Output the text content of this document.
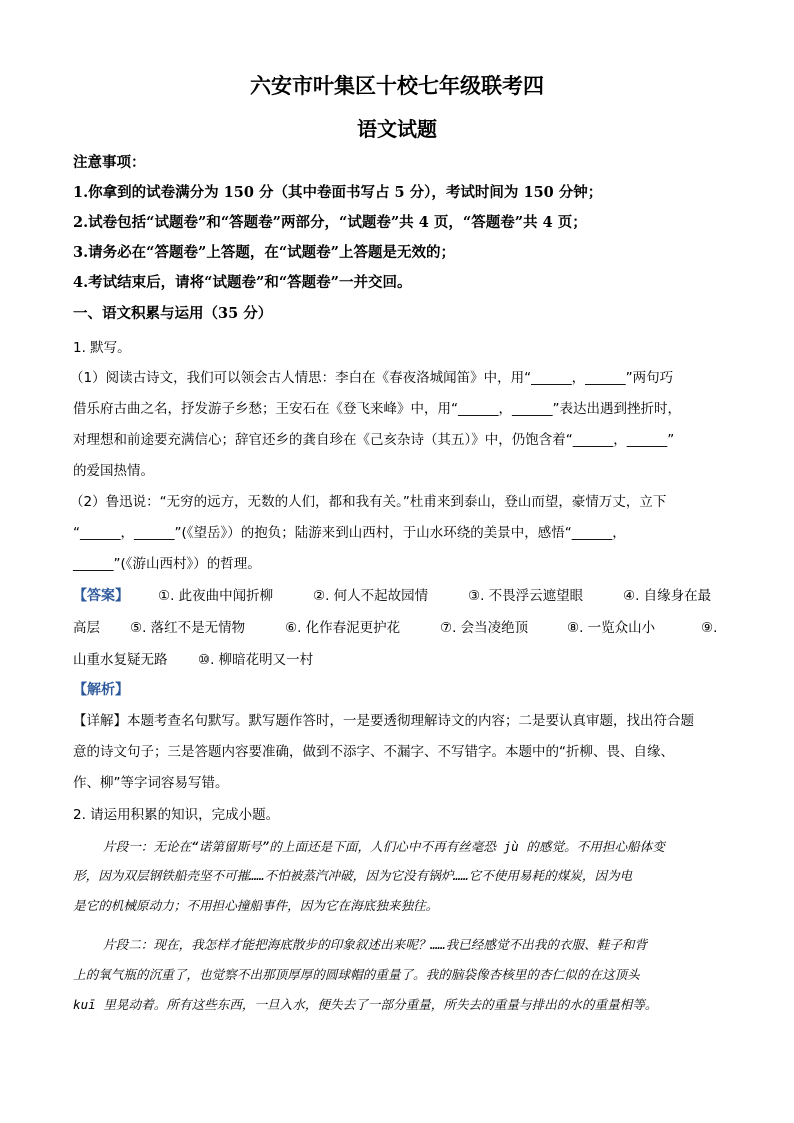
六安市叶集区十校七年级联考四
语文试题
注意事项：
1.你拿到的试卷满分为 150 分（其中卷面书写占 5 分），考试时间为 150 分钟；
2.试卷包括“试题卷”和“答题卷”两部分，“试题卷”共 4 页，“答题卷”共 4 页；
3.请务必在“答题卷”上答题，在“试题卷”上答题是无效的；
4.考试结束后，请将“试题卷”和“答题卷”一并交回。
一、语文积累与运用（35 分）
1. 默写。
（1）阅读古诗文，我们可以领会古人情思：李白在《春夜洛城闻笛》中，用“______，______”两句巧
借乐府古曲之名，抒发游子乡愁；王安石在《登飞来峰》中，用“______，______”表达出遇到挫折时，
对理想和前途要充满信心；辞官还乡的龚自珍在《己亥杂诗（其五）》中，仍饱含着“______，______”
的爱国热情。
（2）鲁迅说：“无穷的远方，无数的人们，都和我有关。”杜甫来到泰山，登山而望，豪情万丈，立下
“______，______”(《望岳》）的抱负；陆游来到山西村，于山水环绕的美景中，感悟“______，
______”(《游山西村》）的哲理。
【答案】 ①. 此夜曲中闻折柳	②. 何人不起故园情	③. 不畏浮云遮望眼	④. 自缘身在最
高层 ⑤. 落红不是无情物	⑥. 化作春泥更护花	⑦. 会当凌绝顶	⑧. 一览众山小	⑨.
山重水复疑无路 ⑩. 柳暗花明又一村
【解析】
【详解】本题考查名句默写。默写题作答时，一是要透彻理解诗文的内容；二是要认真审题，找出符合题
意的诗文句子；三是答题内容要准确，做到不添字、不漏字、不写错字。本题中的“折柳、畏、自缘、
作、柳”等字词容易写错。
2. 请运用积累的知识，完成小题。
片段一：无论在“诺第留斯号”的上面还是下面，人们心中不再有丝毫恐 jù 的感觉。不用担心船体变
形，因为双层钢铁船壳坚不可摧……不怕被蒸汽冲破，因为它没有锅炉……它不使用易耗的煤炭，因为电
是它的机械原动力；不用担心撞船事件，因为它在海底独来独往。
片段二：现在，我怎样才能把海底散步的印象叙述出来呢？……我已经感觉不出我的衣服、鞋子和背
上的氧气瓶的沉重了，也觉察不出那顶厚厚的圆球帽的重量了。我的脑袋像杏核里的杏仁似的在这顶头
kuī 里晃动着。所有这些东西，一旦入水，便失去了一部分重量，所失去的重量与排出的水的重量相等。
